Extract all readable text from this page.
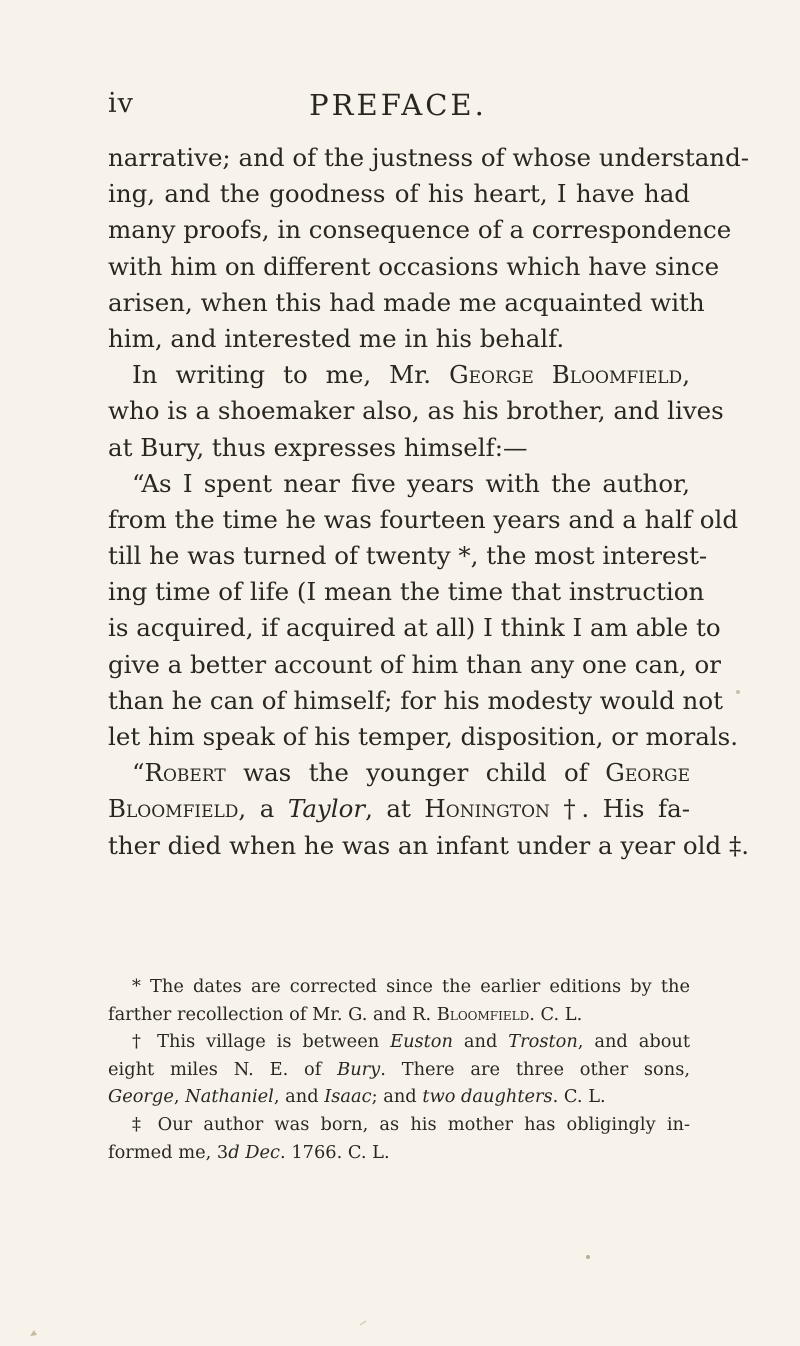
iv	PREFACE.
narrative; and of the justness of whose understand-
ing, and the goodness of his heart, I have had
many proofs, in consequence of a correspondence
with him on different occasions which have since
arisen, when this had made me acquainted with
him, and interested me in his behalf.
In writing to me, Mr. George Bloomfield,
who is a shoemaker also, as his brother, and lives
at Bury, thus expresses himself:—
“As I spent near five years with the author,
from the time he was fourteen years and a half old
till he was turned of twenty *, the most interest-
ing time of life (I mean the time that instruction
is acquired, if acquired at all) I think I am able to
give a better account of him than any one can, or
than he can of himself; for his modesty would not
let him speak of his temper, disposition, or morals.
“Robert was the younger child of George
Bloomfield, a Taylor, at Honington †. His fa-
ther died when he was an infant under a year old ‡.
* The dates are corrected since the earlier editions by the
farther recollection of Mr. G. and R. Bloomfield. C. L.
† This village is between Euston and Troston, and about
eight miles N. E. of Bury. There are three other sons,
George, Nathaniel, and Isaac; and two daughters. C. L.
‡ Our author was born, as his mother has obligingly in-
formed me, 3d Dec. 1766. C. L.
